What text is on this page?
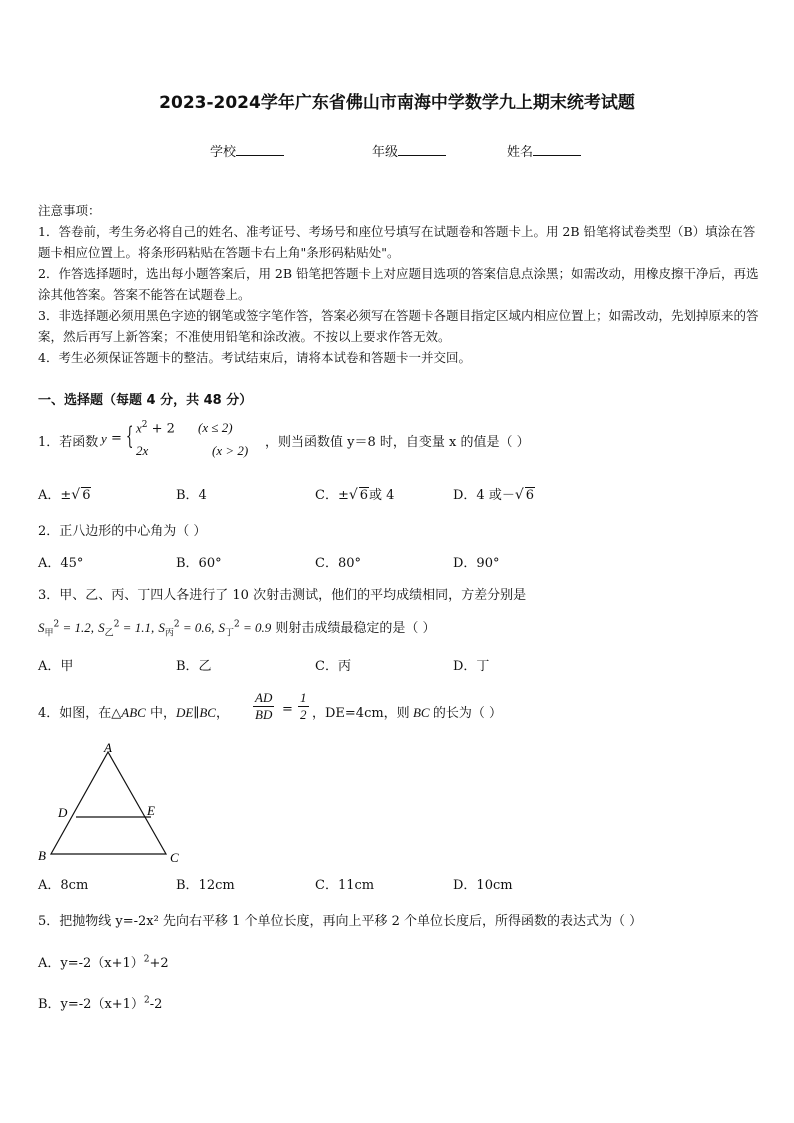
2023-2024学年广东省佛山市南海中学数学九上期末统考试题
学校	年级	姓名
注意事项：
1．答卷前，考生务必将自己的姓名、准考证号、考场号和座位号填写在试题卷和答题卡上。用 2B 铅笔将试卷类型（B）填涂在答题卡相应位置上。将条形码粘贴在答题卡右上角"条形码粘贴处"。
2．作答选择题时，选出每小题答案后，用 2B 铅笔把答题卡上对应题目选项的答案信息点涂黑；如需改动，用橡皮擦干净后，再选涂其他答案。答案不能答在试题卷上。
3．非选择题必须用黑色字迹的钢笔或签字笔作答，答案必须写在答题卡各题目指定区域内相应位置上；如需改动，先划掉原来的答案，然后再写上新答案；不准使用铅笔和涂改液。不按以上要求作答无效。
4．考生必须保证答题卡的整洁。考试结束后，请将本试卷和答题卡一并交回。
一、选择题（每题 4 分，共 48 分）
1．若函数 y = { $x^2 + 2$ (x ≤ 2)
2x	(x > 2)
，则当函数值 y＝8 时，自变量 x 的值是（ ）
A．±√ 6	B．4	C．±√ 6或 4	D．4 或－√ 6
2．正八边形的中心角为（ ）
A．45°	B．60°	C．80°	D．90°
3．甲、乙、丙、丁四人各进行了 10 次射击测试，他们的平均成绩相同，方差分别是
$S_甲^2 = 1.2$, $S_乙^2 = 1.1$, $S_丙^2 = 0.6$, $S_丁^2 = 0.9$ 则射击成绩最稳定的是（ ）
A．甲	B．乙	C．丙	D．丁
4．如图，在△ABC 中，DE∥BC， $\frac{AD}{BD} = \frac{1}{2}$ ，DE=4cm，则 BC 的长为（ ）
A
D	E
B	C
A．8cm	B．12cm	C．11cm	D．10cm
5．把抛物线 y=-2x² 先向右平移 1 个单位长度，再向上平移 2 个单位长度后，所得函数的表达式为（ ）
A．$y=-2(x+1)^2+2$
B．$y=-2(x+1)^2-2$
